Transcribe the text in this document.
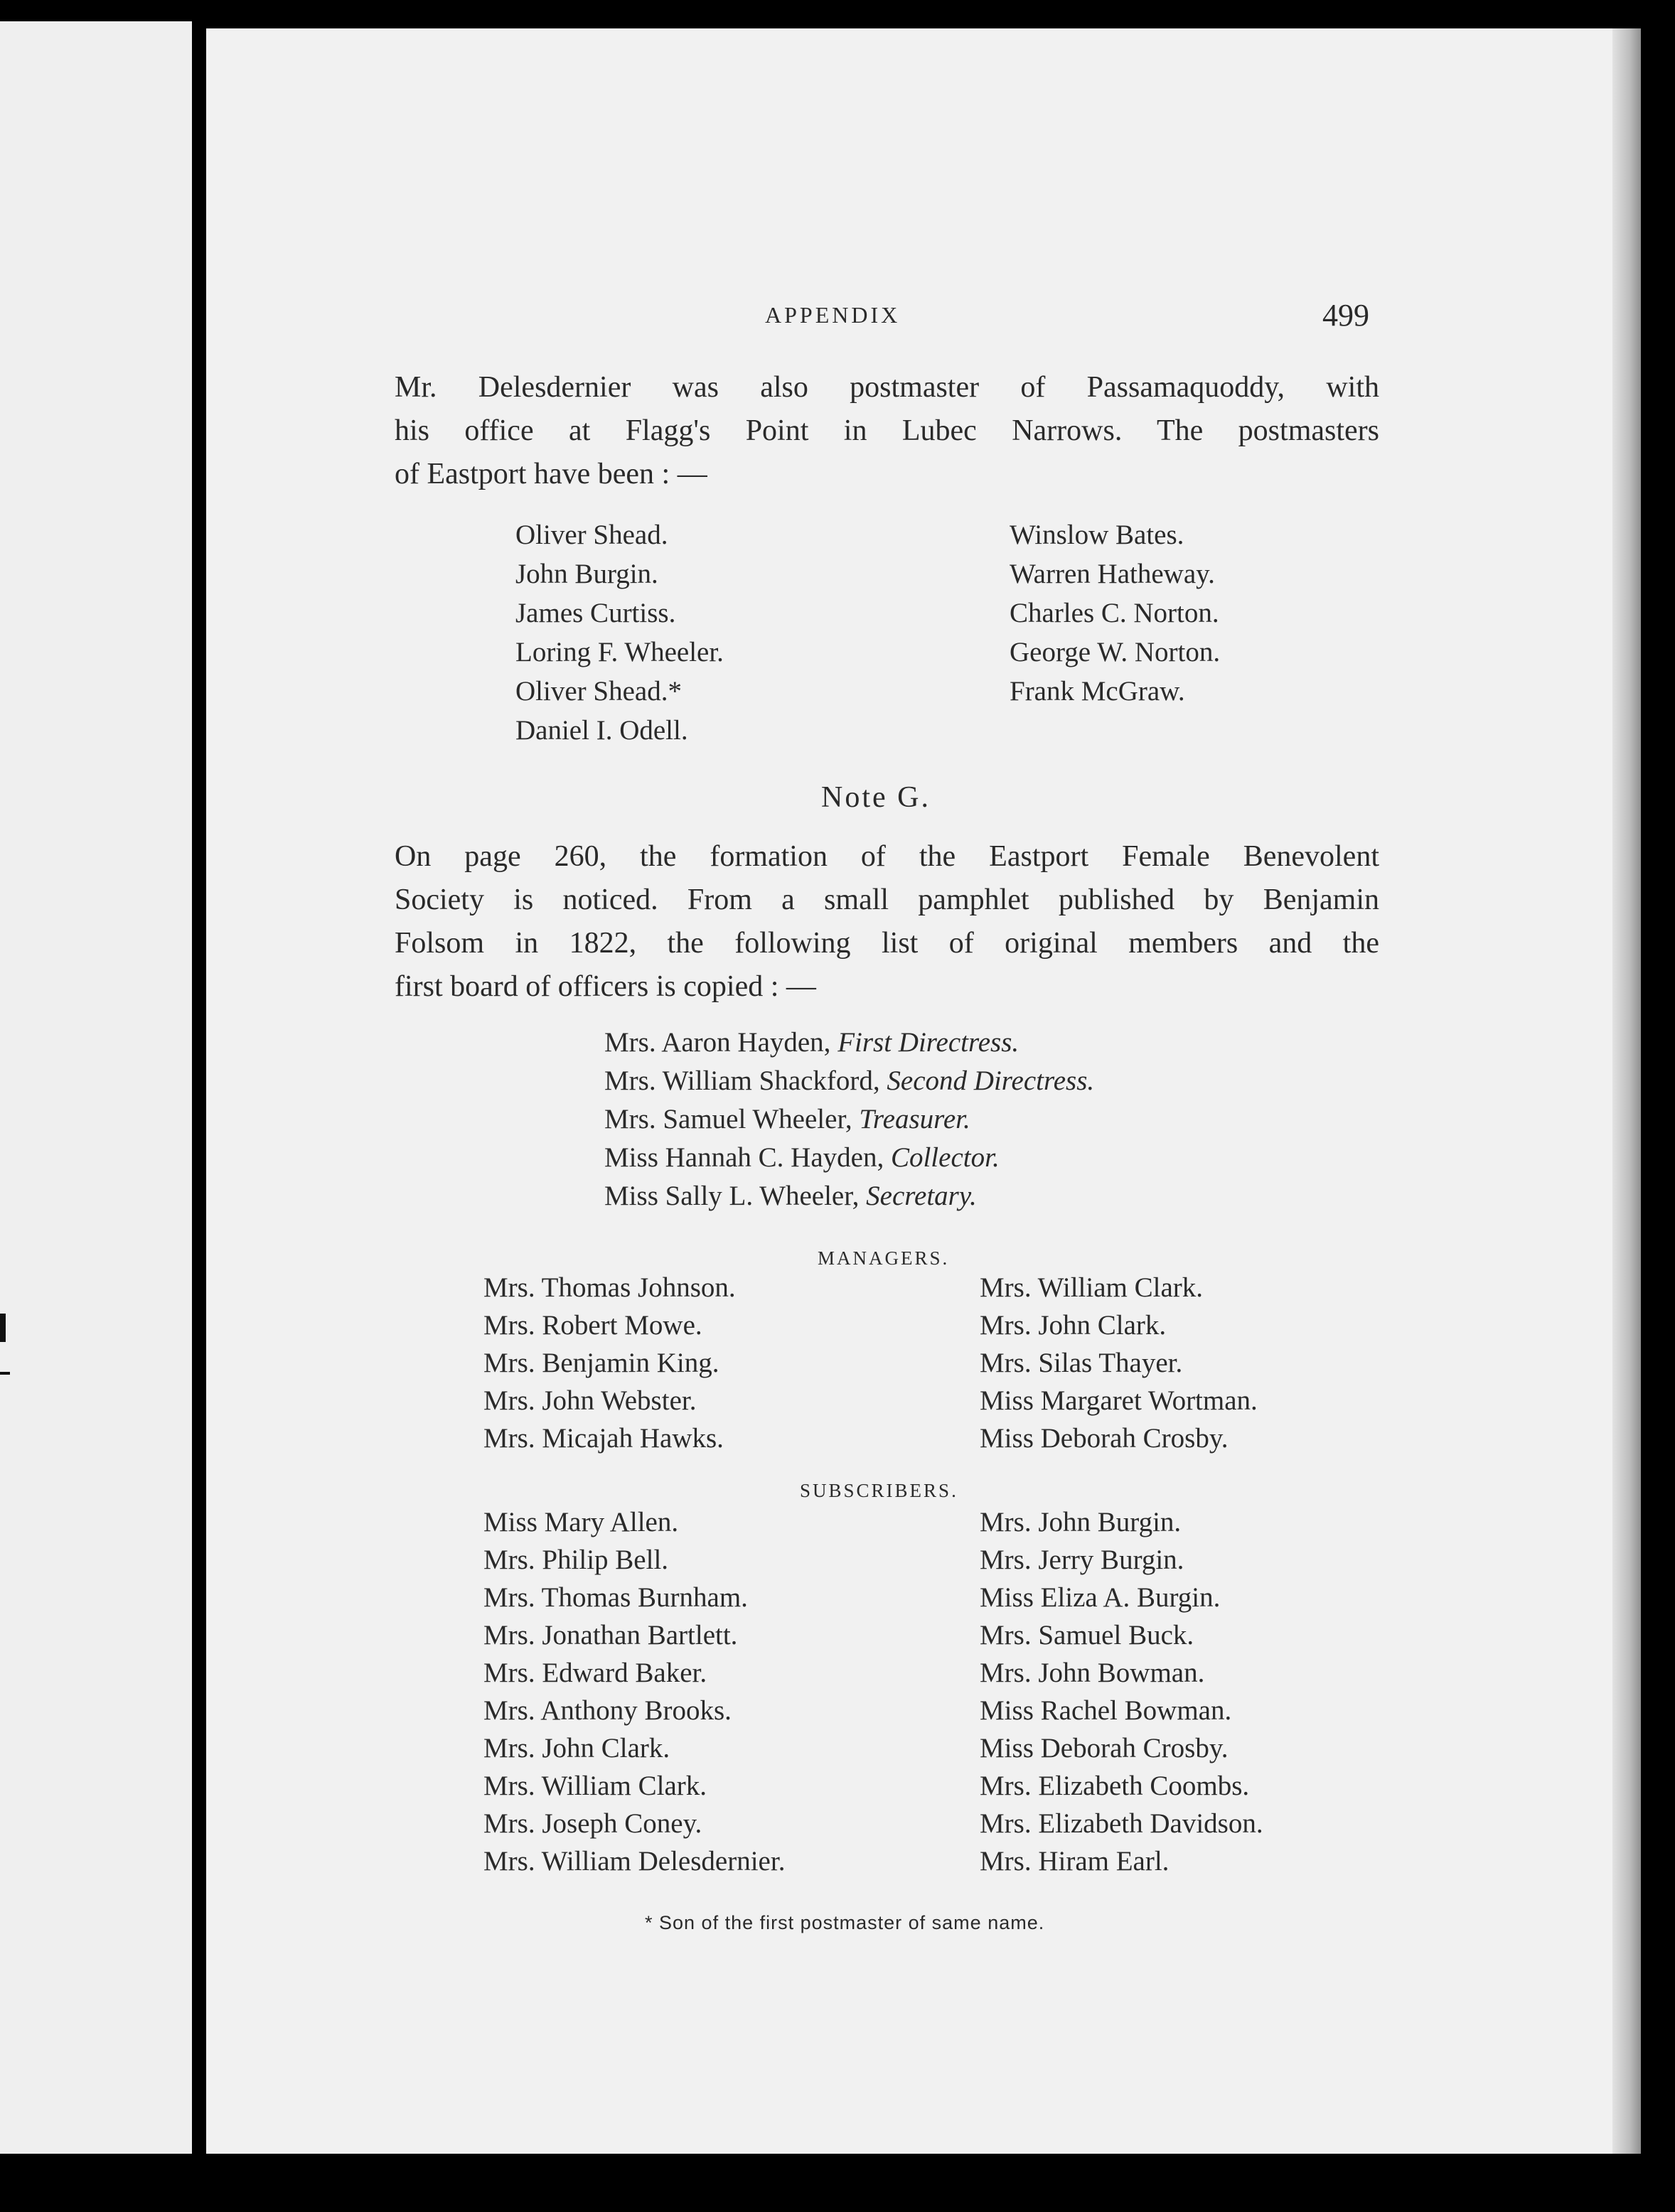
APPENDIX	499

Mr. Delesdernier was also postmaster of Passamaquoddy, with

his office at Flagg's Point in Lubec Narrows. The postmasters

of Eastport have been : —

Oliver Shead.
John Burgin.
James Curtiss.
Loring F. Wheeler.
Oliver Shead.*
Daniel I. Odell.
Winslow Bates.
Warren Hatheway.
Charles C. Norton.
George W. Norton.
Frank McGraw.
Note G.

On page 260, the formation of the Eastport Female Benevolent

Society is noticed. From a small pamphlet published by Benjamin

Folsom in 1822, the following list of original members and the

first board of officers is copied : —

Mrs. Aaron Hayden, First Directress.
Mrs. William Shackford, Second Directress.
Mrs. Samuel Wheeler, Treasurer.
Miss Hannah C. Hayden, Collector.
Miss Sally L. Wheeler, Secretary.
MANAGERS.
Mrs. Thomas Johnson.
Mrs. Robert Mowe.
Mrs. Benjamin King.
Mrs. John Webster.
Mrs. Micajah Hawks.
Mrs. William Clark.
Mrs. John Clark.
Mrs. Silas Thayer.
Miss Margaret Wortman.
Miss Deborah Crosby.
SUBSCRIBERS.
Miss Mary Allen.
Mrs. Philip Bell.
Mrs. Thomas Burnham.
Mrs. Jonathan Bartlett.
Mrs. Edward Baker.
Mrs. Anthony Brooks.
Mrs. John Clark.
Mrs. William Clark.
Mrs. Joseph Coney.
Mrs. William Delesdernier.
Mrs. John Burgin.
Mrs. Jerry Burgin.
Miss Eliza A. Burgin.
Mrs. Samuel Buck.
Mrs. John Bowman.
Miss Rachel Bowman.
Miss Deborah Crosby.
Mrs. Elizabeth Coombs.
Mrs. Elizabeth Davidson.
Mrs. Hiram Earl.
* Son of the first postmaster of same name.
